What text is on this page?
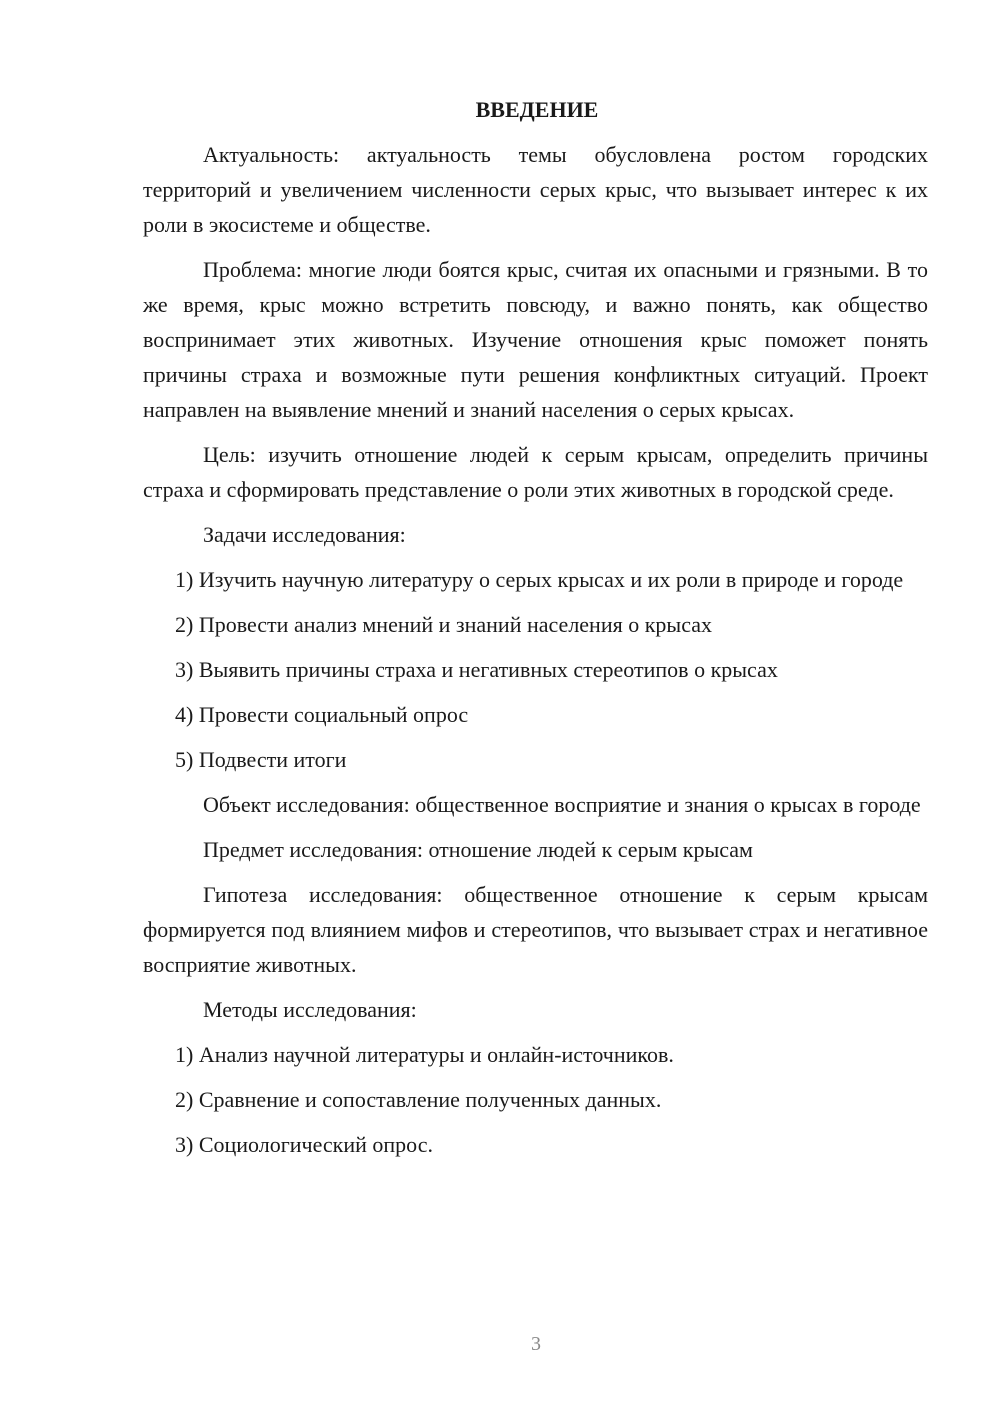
ВВЕДЕНИЕ
Актуальность: актуальность темы обусловлена ростом городских территорий и увеличением численности серых крыс, что вызывает интерес к их роли в экосистеме и обществе.
Проблема: многие люди боятся крыс, считая их опасными и грязными. В то же время, крыс можно встретить повсюду, и важно понять, как общество воспринимает этих животных. Изучение отношения крыс поможет понять причины страха и возможные пути решения конфликтных ситуаций. Проект направлен на выявление мнений и знаний населения о серых крысах.
Цель: изучить отношение людей к серым крысам, определить причины страха и сформировать представление о роли этих животных в городской среде.
Задачи исследования:
1) Изучить научную литературу о серых крысах и их роли в природе и городе
2) Провести анализ мнений и знаний населения о крысах
3) Выявить причины страха и негативных стереотипов о крысах
4) Провести социальный опрос
5) Подвести итоги
Объект исследования: общественное восприятие и знания о крысах в городе
Предмет исследования: отношение людей к серым крысам
Гипотеза исследования: общественное отношение к серым крысам формируется под влиянием мифов и стереотипов, что вызывает страх и негативное восприятие животных.
Методы исследования:
1) Анализ научной литературы и онлайн-источников.
2) Сравнение и сопоставление полученных данных.
3) Социологический опрос.
3
